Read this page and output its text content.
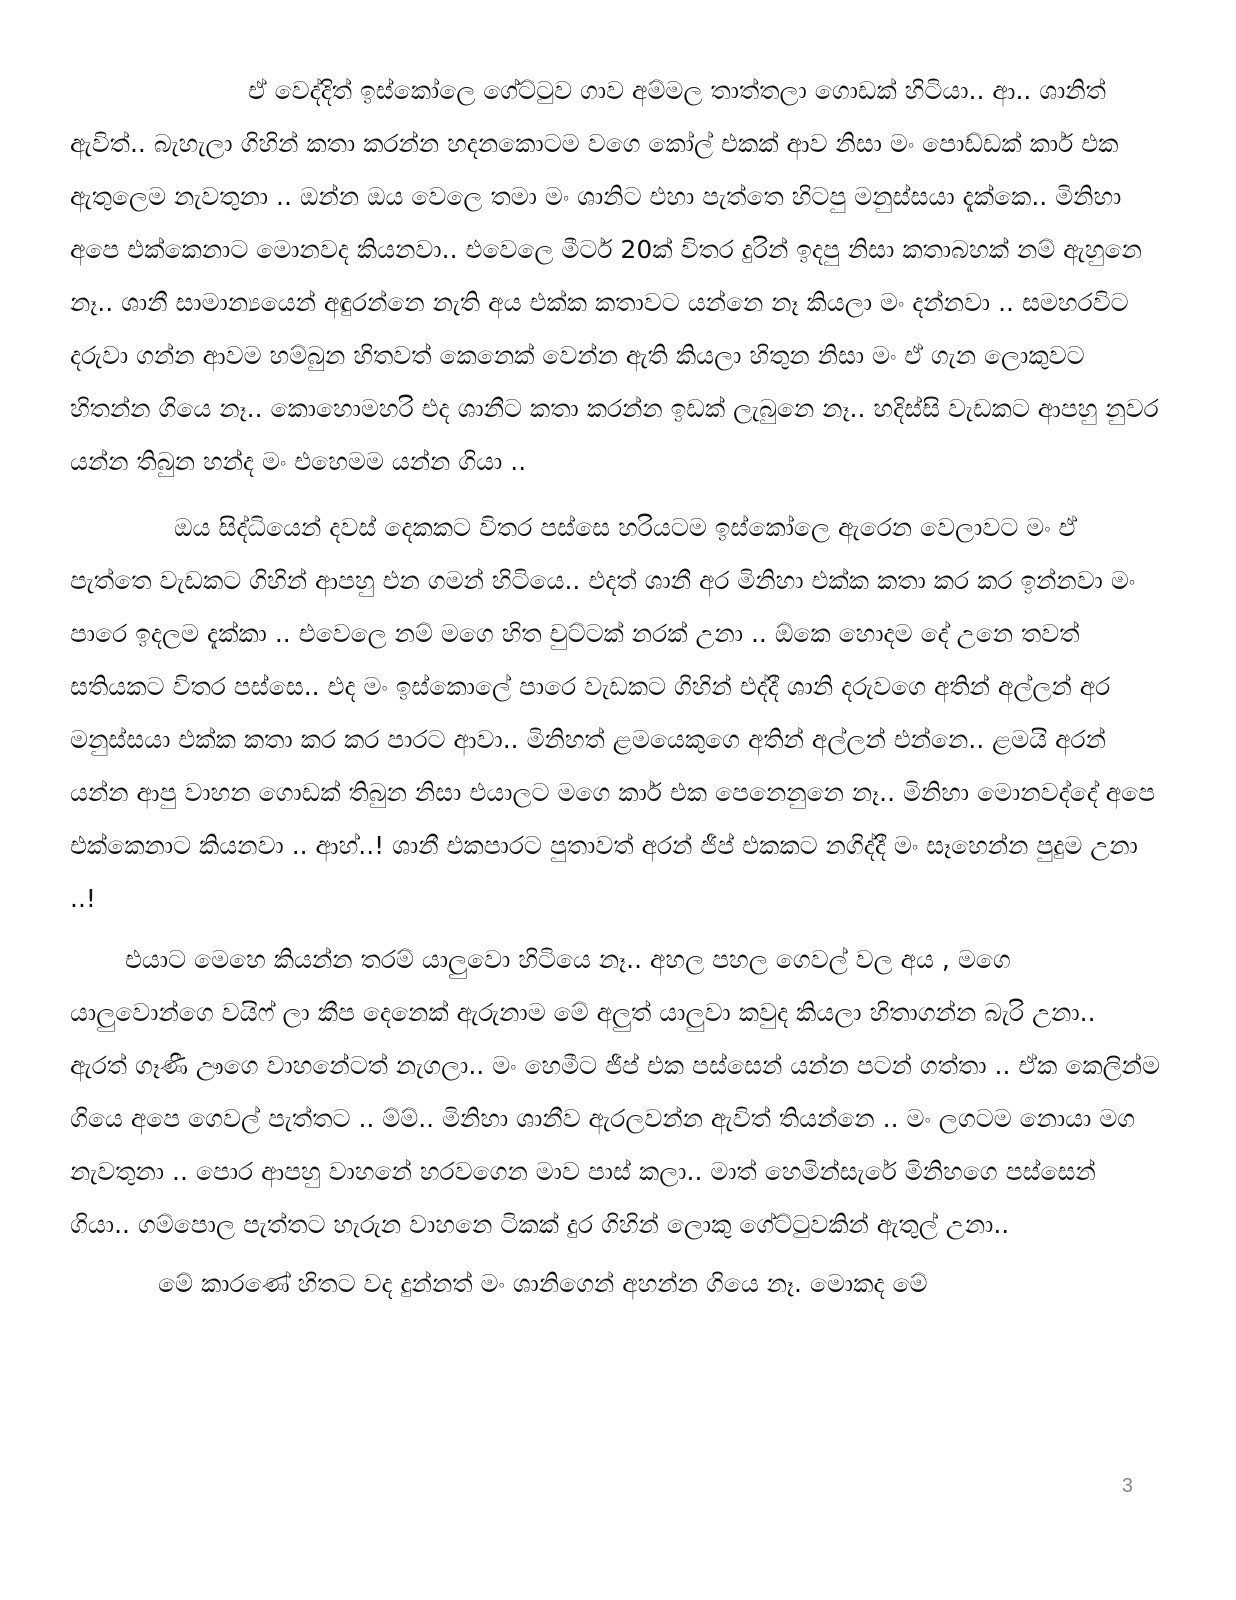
ඒ වෙද්දිත් ඉස්කෝලෙ ගේට්ටුව ගාව අම්මල තාත්තලා ගොඩක් හිටියා.. ආ.. ශානිත් ඇවිත්.. බැහැලා ගිහින් කතා කරන්න හදනකොටම වගෙ කෝල් එකක් ආව නිසා මං පොඩ්ඩක් කාර් එක ඇතුලෙම නැවතුනා .. ඔන්න ඔය වෙලෙ තමා මං ශානිට එහා පැත්තෙ හිටපු මනුස්සයා දැක්කෙ.. මිනිහා අපෙ එක්කෙනාට මොනවද කියනවා.. එවෙලෙ මීටර් 20ක් විතර දුරින් ඉදපු නිසා කතාබහක් නම් ඇහුනෙ නෑ.. ශානී සාමාන්‍යයෙන් අඳුරන්නෙ නැති අය එක්ක කතාවට යන්නෙ නෑ කියලා මං දන්නවා .. සමහරවිට දරුවා ගන්න ආවම හම්බුන හිතවත් කෙනෙක් වෙන්න ඇති කියලා හිතුන නිසා මං ඒ ගැන ලොකුවට හිතන්න ගියෙ නෑ.. කොහොමහරි එද ශානීට කතා කරන්න ඉඩක් ලැබුනෙ නෑ.. හදිස්සි වැඩකට ආපහු නුවර යන්න තිබුන හන්ද මං එහෙමම යන්න ගියා ..

ඔය සිද්ධියෙන් දවස් දෙකකට විතර පස්සෙ හරියටම ඉස්කෝලෙ ඇරෙන වෙලාවට මං ඒ පැත්තෙ වැඩකට ගිහින් ආපහු එන ගමන් හිටියෙ.. එදත් ශානී අර මිනිහා එක්ක කතා කර කර ඉන්නවා මං පාරෙ ඉදලම දැක්කා .. එවෙලෙ නම් මගෙ හිත චුට්ටක් නරක් උනා .. ඕකෙ හොදම දේ උනෙ තවත් සතියකට විතර පස්සෙ.. එද මං ඉස්කොලේ පාරෙ වැඩකට ගිහින් එද්දී ශානි දරුවගෙ අතින් අල්ලන් අර මනුස්සයා එක්ක කතා කර කර පාරට ආවා.. මිනිහත් ළමයෙකුගෙ අතින් අල්ලන් එන්නෙ.. ළමයි අරන් යන්න ආපු වාහන ගොඩක් තිබුන නිසා එයාලට මගෙ කාර් එක පෙනෙනුනෙ නෑ.. මිනිහා මොනවද්දේ අපෙ එක්කෙනාට කියනවා .. ආහ්..! ශානී එකපාරට පුතාවත් අරන් ජීප් එකකට නගිද්දී මං සෑහෙන්න පුදුම උනා ..!

එයාට මෙහෙ කියන්න තරම් යාලුවො හිටියෙ නෑ.. අහල පහල ගෙවල් වල අය , මගෙ යාලුවොන්ගෙ වයිෆ් ලා කීප දෙනෙක් ඇරුනාම මේ අලුත් යාලුවා කවුද කියලා හිතාගන්න බැරි උනා.. ඇරත් ගෑණී ඌගෙ වාහනේටත් නැගලා.. මං හෙමීට ජීප් එක පස්සෙන් යන්න පටන් ගත්තා .. ඒක කෙලින්ම ගියෙ අපෙ ගෙවල් පැත්තට .. ම්ම්.. මිනිහා ශානීව ඇරලවන්න ඇවිත් තියන්නෙ .. මං ලගටම නොයා මග නැවතුනා .. පොර ආපහු වාහනේ හරවගෙන මාව පාස් කලා.. මාත් හෙමින්සැරේ මිනිහගෙ පස්සෙන් ගියා.. ගම්පොල පැත්තට හැරුන වාහනෙ ටිකක් දුර ගිහින් ලොකු ගේට්ටුවකින් ඇතුල් උනා..

මේ කාරණේ හිතට වද දුන්නත් මං ශානිගෙන් අහන්න ගියෙ නෑ. මොකද මේ

3
